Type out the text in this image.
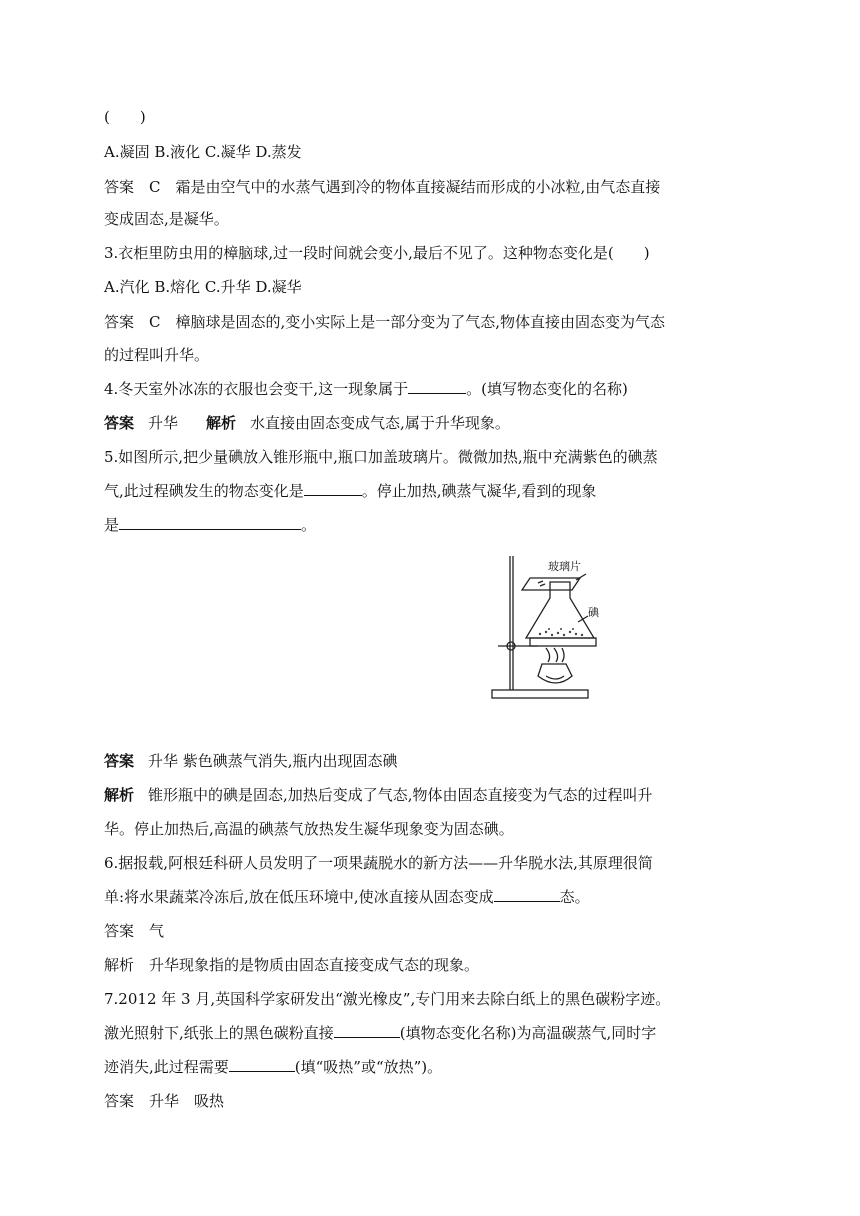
(　　)
A.凝固 B.液化 C.凝华 D.蒸发
答案　C　霜是由空气中的水蒸气遇到冷的物体直接凝结而形成的小冰粒,由气态直接
变成固态,是凝华。
3.衣柜里防虫用的樟脑球,过一段时间就会变小,最后不见了。这种物态变化是(　　)
A.汽化 B.熔化 C.升华 D.凝华
答案　C　樟脑球是固态的,变小实际上是一部分变为了气态,物体直接由固态变为气态
的过程叫升华。
4.冬天室外冰冻的衣服也会变干,这一现象属于	。(填写物态变化的名称)
答案 升华 解析 水直接由固态变成气态,属于升华现象。
5.如图所示,把少量碘放入锥形瓶中,瓶口加盖玻璃片。微微加热,瓶中充满紫色的碘蒸
气,此过程碘发生的物态变化是	。停止加热,碘蒸气凝华,看到的现象
是	。
玻璃片
碘
答案 升华 紫色碘蒸气消失,瓶内出现固态碘
解析 锥形瓶中的碘是固态,加热后变成了气态,物体由固态直接变为气态的过程叫升
华。停止加热后,高温的碘蒸气放热发生凝华现象变为固态碘。
6.据报载,阿根廷科研人员发明了一项果蔬脱水的新方法——升华脱水法,其原理很简
单:将水果蔬菜冷冻后,放在低压环境中,使冰直接从固态变成	态。
答案　气
解析　升华现象指的是物质由固态直接变成气态的现象。
7.2012 年 3 月,英国科学家研发出“激光橡皮”,专门用来去除白纸上的黑色碳粉字迹。
激光照射下,纸张上的黑色碳粉直接	(填物态变化名称)为高温碳蒸气,同时字
迹消失,此过程需要	(填“吸热”或“放热”)。
答案　升华　吸热
